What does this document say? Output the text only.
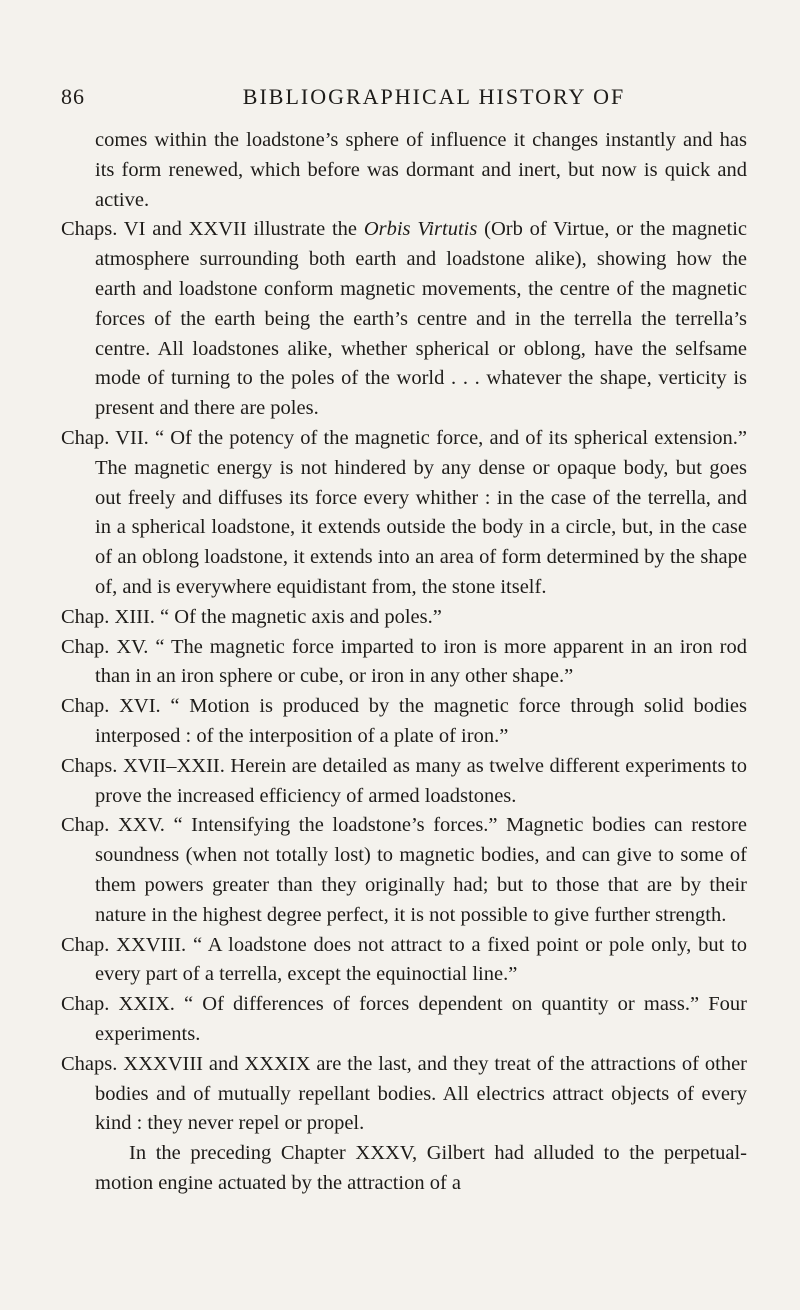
86	BIBLIOGRAPHICAL HISTORY OF

comes within the loadstone’s sphere of influence it changes instantly and has its form renewed, which before was dormant and inert, but now is quick and active.

Chaps. VI and XXVII illustrate the Orbis Virtutis (Orb of Virtue, or the magnetic atmosphere surrounding both earth and loadstone alike), showing how the earth and loadstone conform magnetic movements, the centre of the magnetic forces of the earth being the earth’s centre and in the terrella the terrella’s centre. All loadstones alike, whether spherical or oblong, have the selfsame mode of turning to the poles of the world . . . whatever the shape, verticity is present and there are poles.

Chap. VII. “ Of the potency of the magnetic force, and of its spherical extension.” The magnetic energy is not hindered by any dense or opaque body, but goes out freely and diffuses its force every whither : in the case of the terrella, and in a spherical loadstone, it extends outside the body in a circle, but, in the case of an oblong loadstone, it extends into an area of form determined by the shape of, and is everywhere equidistant from, the stone itself.

Chap. XIII. “ Of the magnetic axis and poles.”

Chap. XV. “ The magnetic force imparted to iron is more apparent in an iron rod than in an iron sphere or cube, or iron in any other shape.”

Chap. XVI. “ Motion is produced by the magnetic force through solid bodies interposed : of the interposition of a plate of iron.”

Chaps. XVII–XXII. Herein are detailed as many as twelve different experiments to prove the increased efficiency of armed loadstones.

Chap. XXV. “ Intensifying the loadstone’s forces.” Magnetic bodies can restore soundness (when not totally lost) to magnetic bodies, and can give to some of them powers greater than they originally had; but to those that are by their nature in the highest degree perfect, it is not possible to give further strength.

Chap. XXVIII. “ A loadstone does not attract to a fixed point or pole only, but to every part of a terrella, except the equinoctial line.”

Chap. XXIX. “ Of differences of forces dependent on quantity or mass.” Four experiments.

Chaps. XXXVIII and XXXIX are the last, and they treat of the attractions of other bodies and of mutually repellant bodies. All electrics attract objects of every kind : they never repel or propel.

In the preceding Chapter XXXV, Gilbert had alluded to the perpetual-motion engine actuated by the attraction of a
